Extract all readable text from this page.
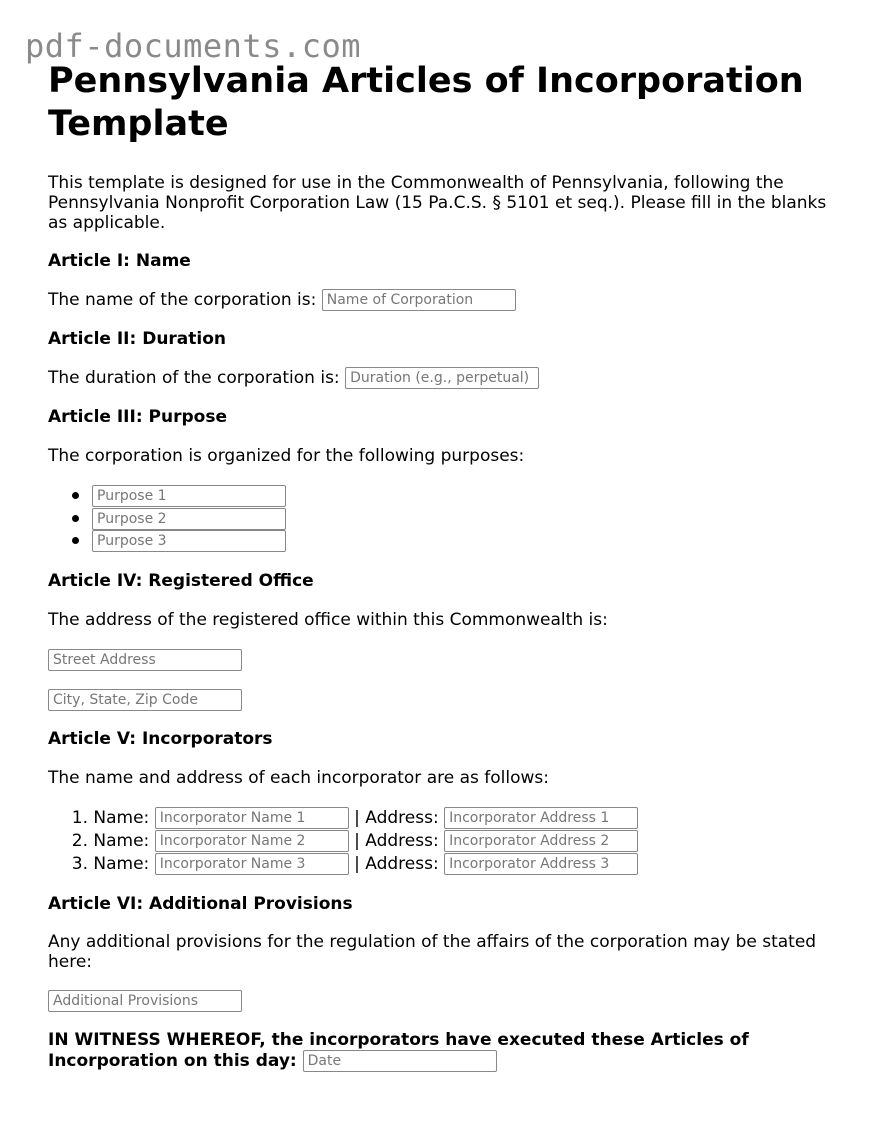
pdf-documents.com
Pennsylvania Articles of Incorporation Template

This template is designed for use in the Commonwealth of Pennsylvania, following the Pennsylvania Nonprofit Corporation Law (15 Pa.C.S. § 5101 et seq.). Please fill in the blanks as applicable.

Article I: Name
The name of the corporation is: Name of Corporation
Article II: Duration
The duration of the corporation is: Duration (e.g., perpetual)
Article III: Purpose
The corporation is organized for the following purposes:
Purpose 1
Purpose 2
Purpose 3
Article IV: Registered Office
The address of the registered office within this Commonwealth is:
Street Address
City, State, Zip Code
Article V: Incorporators
The name and address of each incorporator are as follows:
1. Name: Incorporator Name 1	| Address: Incorporator Address 1
2. Name: Incorporator Name 2	| Address: Incorporator Address 2
3. Name: Incorporator Name 3	| Address: Incorporator Address 3
Article VI: Additional Provisions
Any additional provisions for the regulation of the affairs of the corporation may be stated here:
Additional Provisions
IN WITNESS WHEREOF, the incorporators have executed these Articles of Incorporation on this day: Date
